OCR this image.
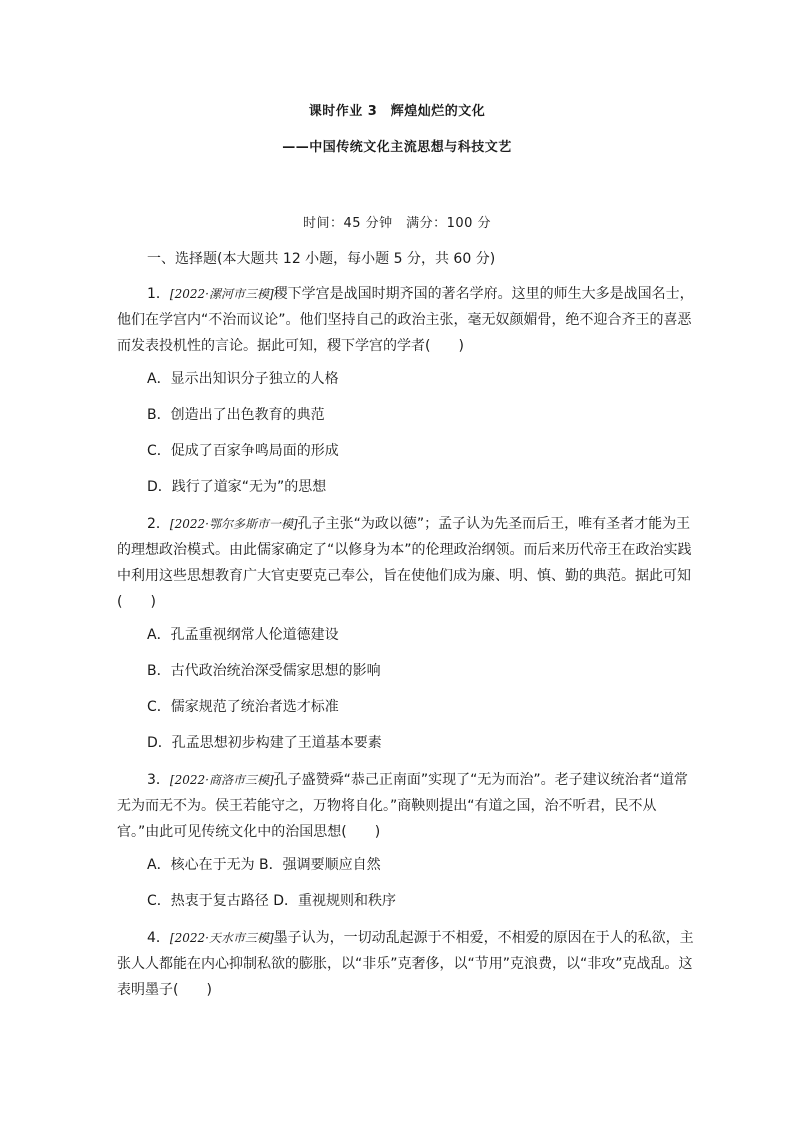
课时作业 3　辉煌灿烂的文化
——中国传统文化主流思想与科技文艺
时间：45 分钟　满分：100 分
一、选择题(本大题共 12 小题，每小题 5 分，共 60 分)
1．[2022·漯河市三模]稷下学宫是战国时期齐国的著名学府。这里的师生大多是战国名士，他们在学宫内“不治而议论”。他们坚持自己的政治主张，毫无奴颜媚骨，绝不迎合齐王的喜恶而发表投机性的言论。据此可知，稷下学宫的学者(　　)
A．显示出知识分子独立的人格
B．创造出了出色教育的典范
C．促成了百家争鸣局面的形成
D．践行了道家“无为”的思想
2．[2022·鄂尔多斯市一模]孔子主张“为政以德”；孟子认为先圣而后王，唯有圣者才能为王的理想政治模式。由此儒家确定了“以修身为本”的伦理政治纲领。而后来历代帝王在政治实践中利用这些思想教育广大官吏要克己奉公，旨在使他们成为廉、明、慎、勤的典范。据此可知(　　)
A．孔孟重视纲常人伦道德建设
B．古代政治统治深受儒家思想的影响
C．儒家规范了统治者选才标准
D．孔孟思想初步构建了王道基本要素
3．[2022·商洛市三模]孔子盛赞舜“恭己正南面”实现了“无为而治”。老子建议统治者“道常无为而无不为。侯王若能守之，万物将自化。”商鞅则提出“有道之国，治不听君，民不从官。”由此可见传统文化中的治国思想(　　)
A．核心在于无为 B．强调要顺应自然
C．热衷于复古路径 D．重视规则和秩序
4．[2022·天水市三模]墨子认为，一切动乱起源于不相爱，不相爱的原因在于人的私欲，主张人人都能在内心抑制私欲的膨胀，以“非乐”克奢侈，以“节用”克浪费，以“非攻”克战乱。这表明墨子(　　)
